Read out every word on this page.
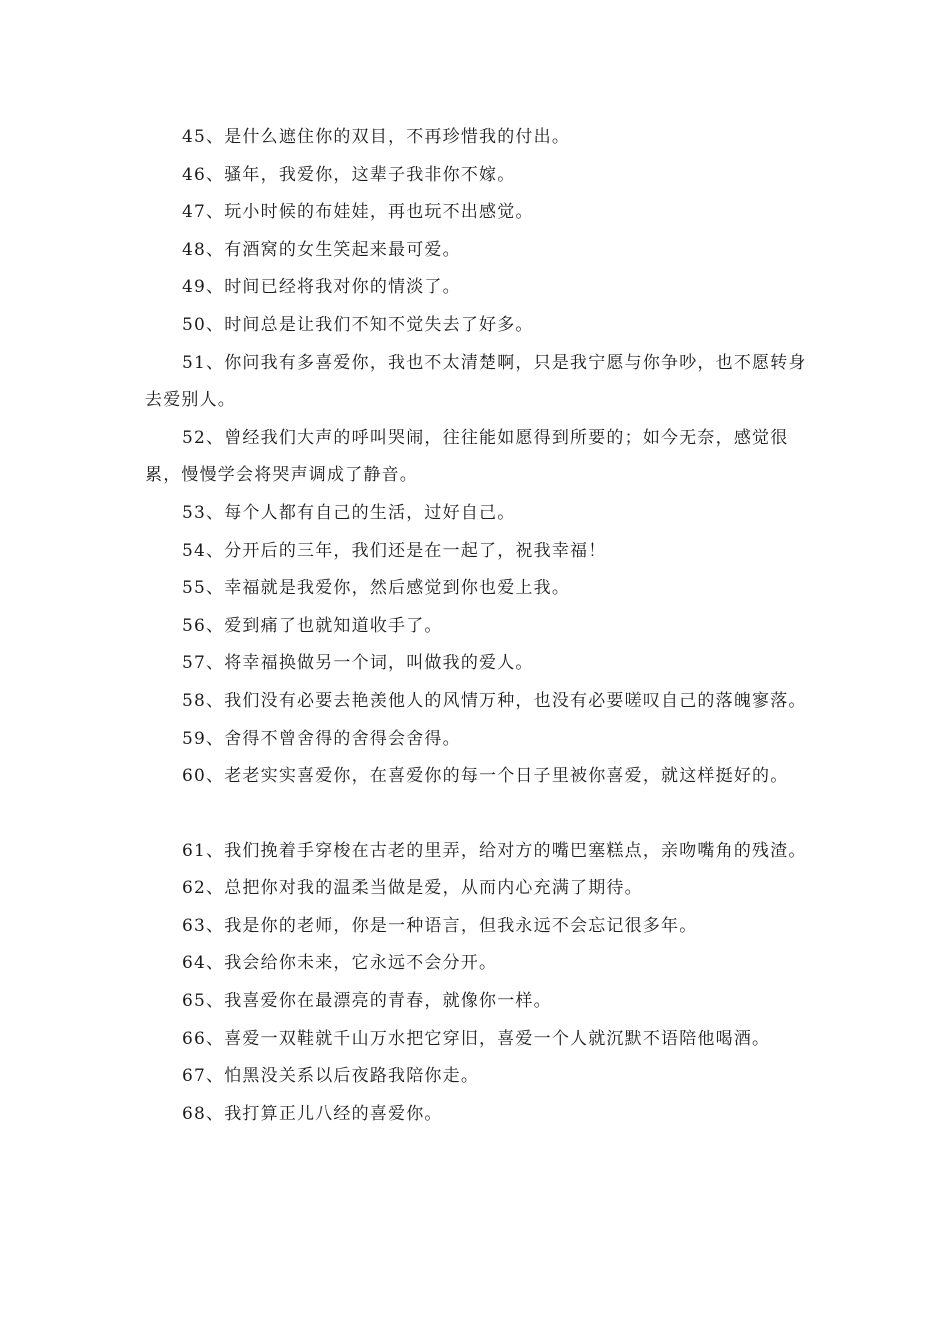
45、是什么遮住你的双目，不再珍惜我的付出。

46、骚年，我爱你，这辈子我非你不嫁。

47、玩小时候的布娃娃，再也玩不出感觉。

48、有酒窝的女生笑起来最可爱。

49、时间已经将我对你的情淡了。

50、时间总是让我们不知不觉失去了好多。

51、你问我有多喜爱你，我也不太清楚啊，只是我宁愿与你争吵，也不愿转身去爱别人。

52、曾经我们大声的呼叫哭闹，往往能如愿得到所要的；如今无奈，感觉很累，慢慢学会将哭声调成了静音。

53、每个人都有自己的生活，过好自己。

54、分开后的三年，我们还是在一起了，祝我幸福！

55、幸福就是我爱你，然后感觉到你也爱上我。

56、爱到痛了也就知道收手了。

57、将幸福换做另一个词，叫做我的爱人。

58、我们没有必要去艳羡他人的风情万种，也没有必要嗟叹自己的落魄寥落。

59、舍得不曾舍得的舍得会舍得。

60、老老实实喜爱你，在喜爱你的每一个日子里被你喜爱，就这样挺好的。

61、我们挽着手穿梭在古老的里弄，给对方的嘴巴塞糕点，亲吻嘴角的残渣。

62、总把你对我的温柔当做是爱，从而内心充满了期待。

63、我是你的老师，你是一种语言，但我永远不会忘记很多年。

64、我会给你未来，它永远不会分开。

65、我喜爱你在最漂亮的青春，就像你一样。

66、喜爱一双鞋就千山万水把它穿旧，喜爱一个人就沉默不语陪他喝酒。

67、怕黑没关系以后夜路我陪你走。

68、我打算正儿八经的喜爱你。
